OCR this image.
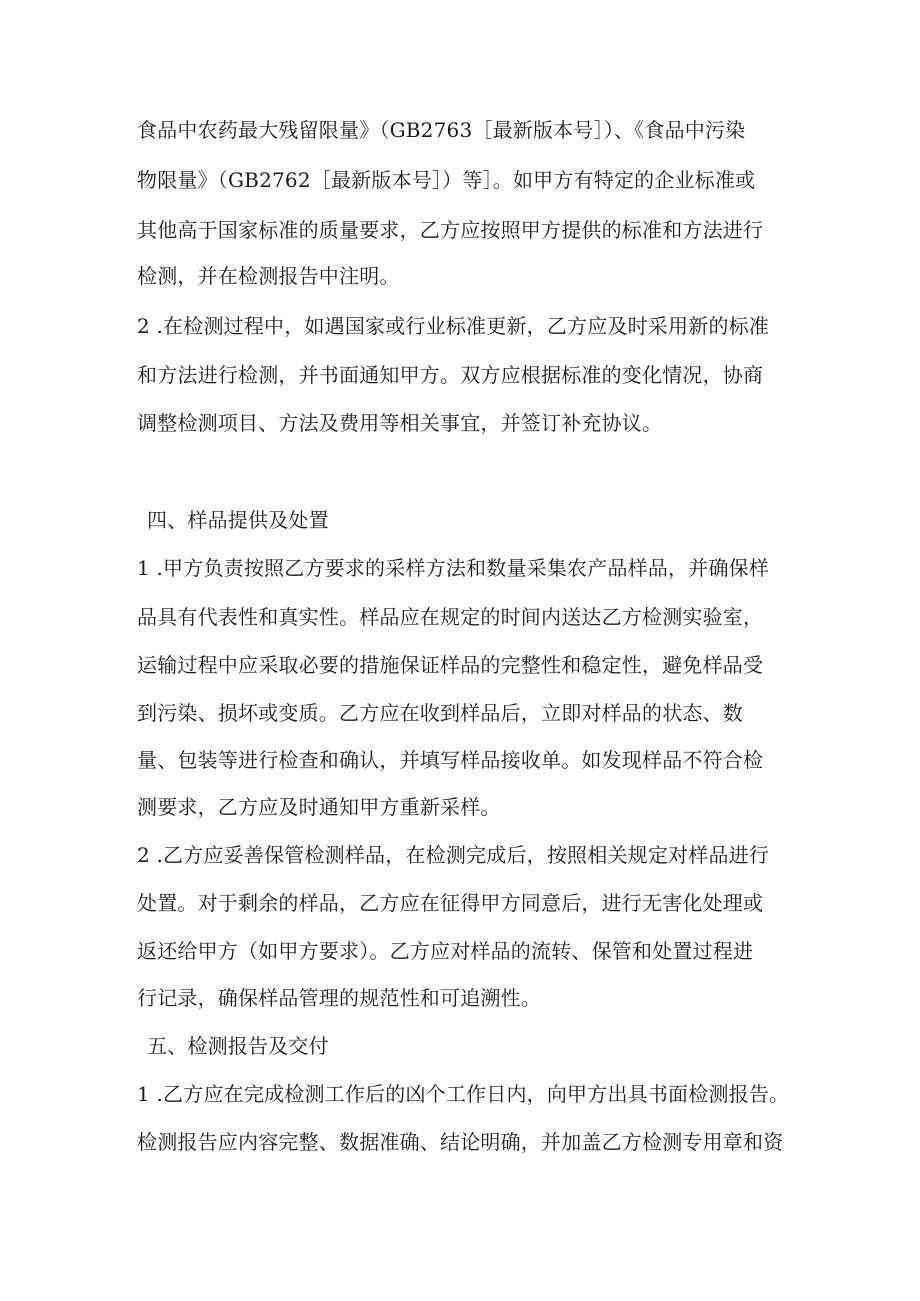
食品中农药最大残留限量》（GB2763［最新版本号］）、《食品中污染
物限量》（GB2762［最新版本号］）等］。如甲方有特定的企业标准或
其他高于国家标准的质量要求，乙方应按照甲方提供的标准和方法进行
检测，并在检测报告中注明。
2 .在检测过程中，如遇国家或行业标准更新，乙方应及时采用新的标准
和方法进行检测，并书面通知甲方。双方应根据标准的变化情况，协商
调整检测项目、方法及费用等相关事宜，并签订补充协议。
四、样品提供及处置
1 .甲方负责按照乙方要求的采样方法和数量采集农产品样品，并确保样
品具有代表性和真实性。样品应在规定的时间内送达乙方检测实验室，
运输过程中应采取必要的措施保证样品的完整性和稳定性，避免样品受
到污染、损坏或变质。乙方应在收到样品后，立即对样品的状态、数
量、包装等进行检查和确认，并填写样品接收单。如发现样品不符合检
测要求，乙方应及时通知甲方重新采样。
2 .乙方应妥善保管检测样品，在检测完成后，按照相关规定对样品进行
处置。对于剩余的样品，乙方应在征得甲方同意后，进行无害化处理或
返还给甲方（如甲方要求）。乙方应对样品的流转、保管和处置过程进
行记录，确保样品管理的规范性和可追溯性。
五、检测报告及交付
1 .乙方应在完成检测工作后的凶个工作日内，向甲方出具书面检测报告。
检测报告应内容完整、数据准确、结论明确，并加盖乙方检测专用章和资
